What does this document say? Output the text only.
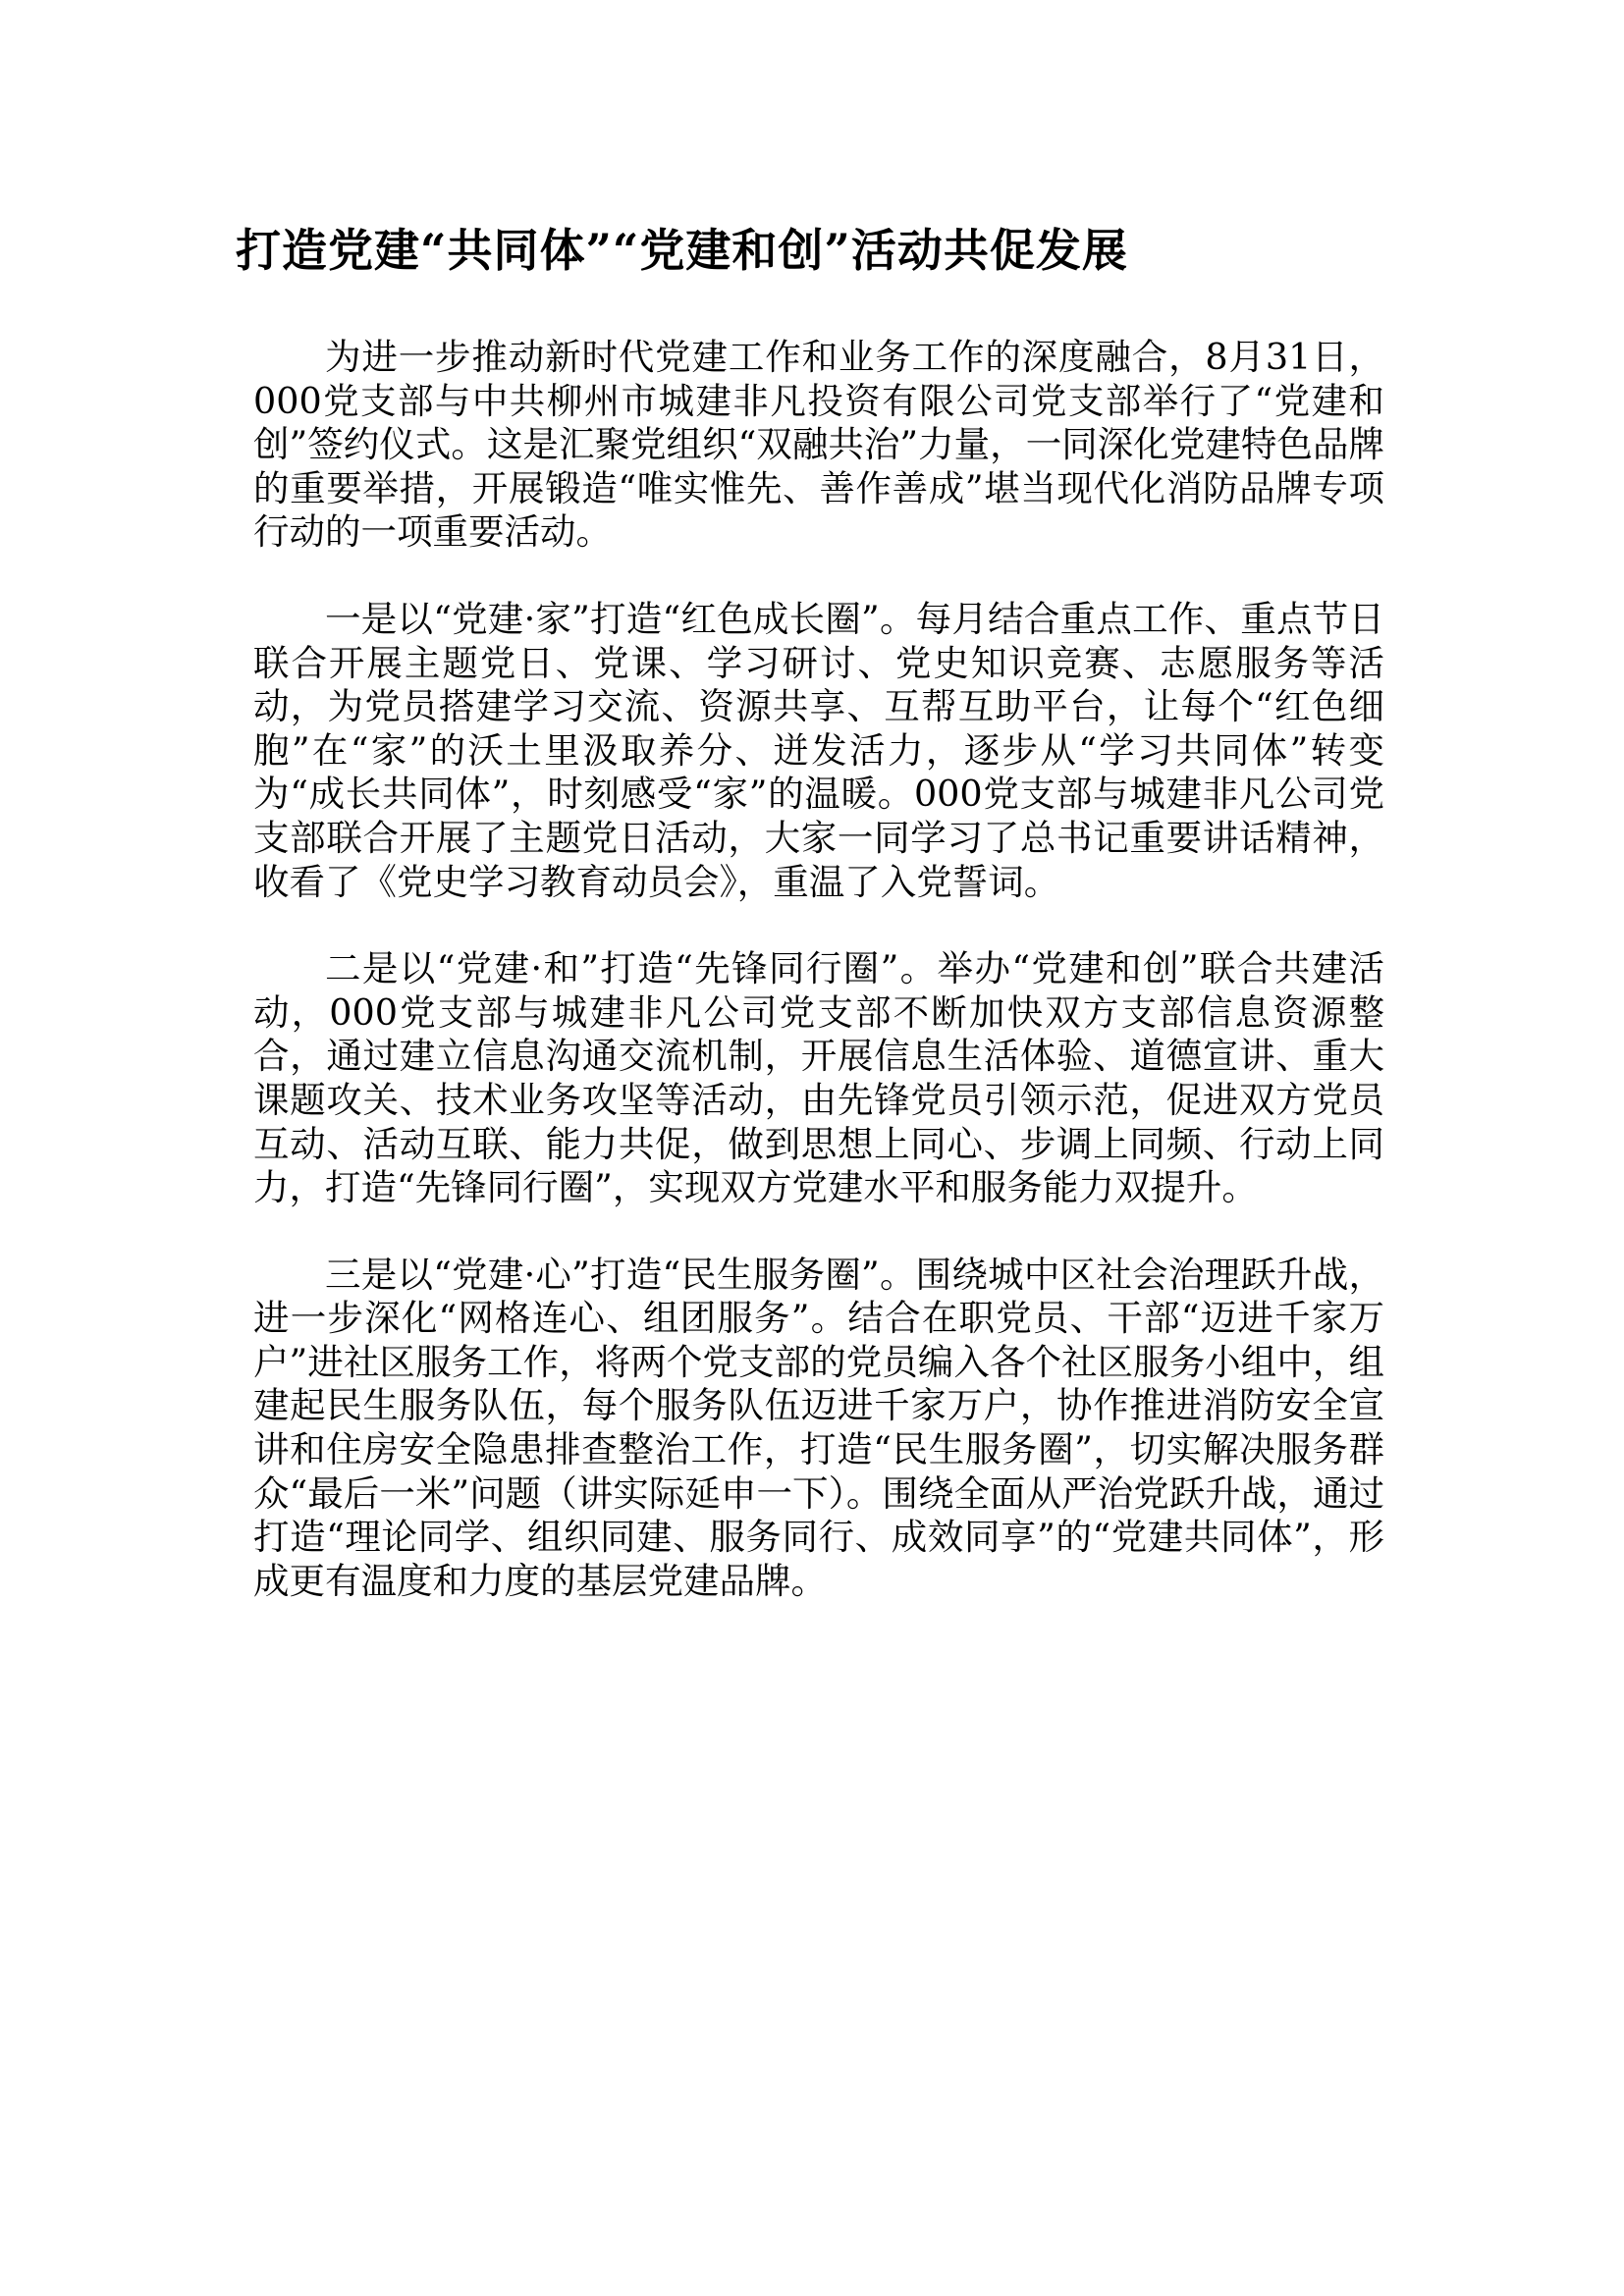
打造党建“共同体”“党建和创”活动共促发展

为进一步推动新时代党建工作和业务工作的深度融合，8月31日，000党支部与中共柳州市城建非凡投资有限公司党支部举行了“党建和创”签约仪式。这是汇聚党组织“双融共治”力量，一同深化党建特色品牌的重要举措，开展锻造“唯实惟先、善作善成”堪当现代化消防品牌专项行动的一项重要活动。

一是以“党建·家”打造“红色成长圈”。每月结合重点工作、重点节日联合开展主题党日、党课、学习研讨、党史知识竞赛、志愿服务等活动，为党员搭建学习交流、资源共享、互帮互助平台，让每个“红色细胞”在“家”的沃土里汲取养分、迸发活力，逐步从“学习共同体”转变为“成长共同体”，时刻感受“家”的温暖。000党支部与城建非凡公司党支部联合开展了主题党日活动，大家一同学习了总书记重要讲话精神，收看了《党史学习教育动员会》，重温了入党誓词。

二是以“党建·和”打造“先锋同行圈”。举办“党建和创”联合共建活动，000党支部与城建非凡公司党支部不断加快双方支部信息资源整合，通过建立信息沟通交流机制，开展信息生活体验、道德宣讲、重大课题攻关、技术业务攻坚等活动，由先锋党员引领示范，促进双方党员互动、活动互联、能力共促，做到思想上同心、步调上同频、行动上同力，打造“先锋同行圈”，实现双方党建水平和服务能力双提升。

三是以“党建·心”打造“民生服务圈”。围绕城中区社会治理跃升战，进一步深化“网格连心、组团服务”。结合在职党员、干部“迈进千家万户”进社区服务工作，将两个党支部的党员编入各个社区服务小组中，组建起民生服务队伍，每个服务队伍迈进千家万户，协作推进消防安全宣讲和住房安全隐患排查整治工作，打造“民生服务圈”，切实解决服务群众“最后一米”问题（讲实际延申一下）。围绕全面从严治党跃升战，通过打造“理论同学、组织同建、服务同行、成效同享”的“党建共同体”，形成更有温度和力度的基层党建品牌。
